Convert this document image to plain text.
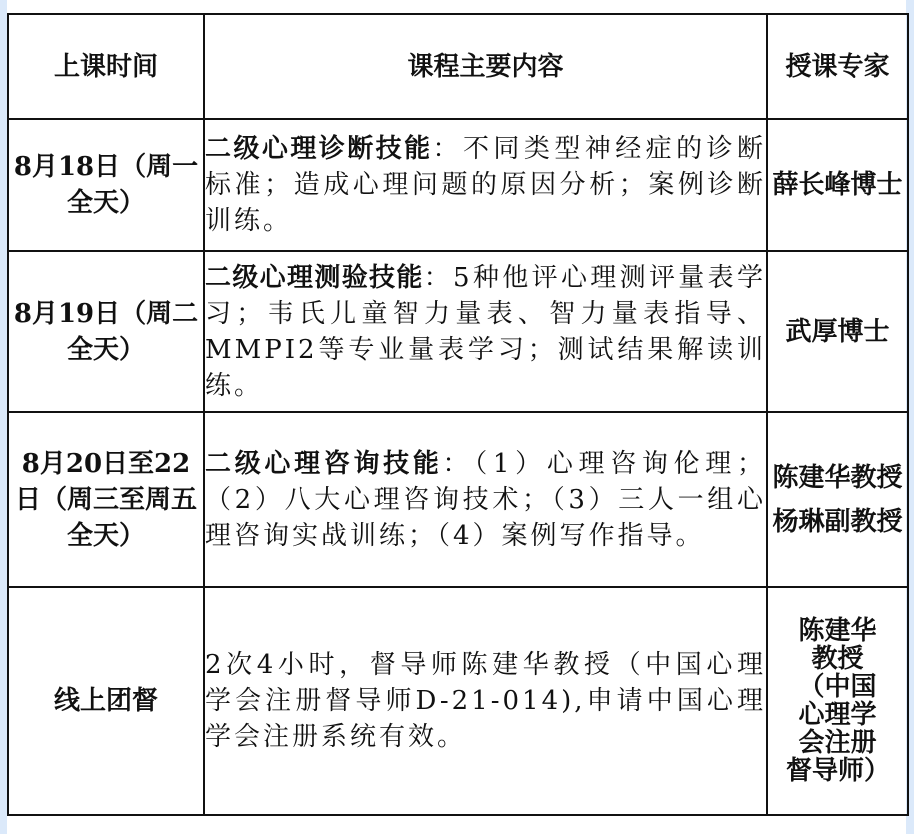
上课时间	课程主要内容	授课专家
8月18日（周一全天）	二级心理诊断技能：不同类型神经症的诊断标准；造成心理问题的原因分析；案例诊断训练。	薛长峰博士
8月19日（周二全天）	二级心理测验技能：5种他评心理测评量表学习；韦氏儿童智力量表、智力量表指导、MMPI2等专业量表学习；测试结果解读训练。	武厚博士
8月20日至22日（周三至周五全天）	二级心理咨询技能：（1）心理咨询伦理；（2）八大心理咨询技术；（3）三人一组心理咨询实战训练；（4）案例写作指导。	陈建华教授 杨琳副教授
线上团督	2次4小时，督导师陈建华教授（中国心理学会注册督导师D-21-014),申请中国心理学会注册系统有效。	陈建华教授（中国心理学会注册督导师）
